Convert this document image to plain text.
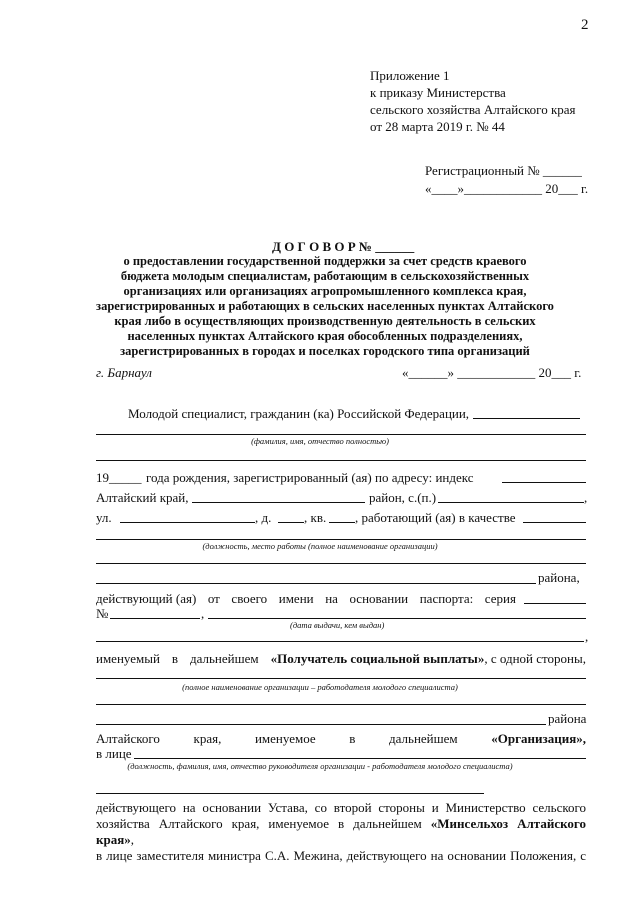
2
Приложение 1
к приказу Министерства
сельского хозяйства Алтайского края
от 28 марта 2019 г. № 44
Регистрационный № ______
«____»____________ 20___ г.
Д О Г О В О Р № ______
о предоставлении государственной поддержки за счет средств краевого
бюджета молодым специалистам, работающим в сельскохозяйственных
организациях или организациях агропромышленного комплекса края,
зарегистрированных и работающих в сельских населенных пунктах Алтайского
края либо в осуществляющих производственную деятельность в сельских
населенных пунктах Алтайского края обособленных подразделениях,
зарегистрированных в городах и поселках городского типа организаций
г. Барнаул	«______» ____________ 20___ г.
Молодой специалист, гражданин (ка) Российской Федерации,
(фамилия, имя, отчество полностью)
19_____ года рождения, зарегистрированный (ая) по адресу: индекс
Алтайский край,	район, с.(п.)	,
ул.	, д.	, кв. , работающий (ая) в качестве
(должность, место работы (полное наименование организации)
района,
действующий (ая) от своего имени на основании паспорта: серия
№	,
(дата выдачи, кем выдан)
,
именуемый в дальнейшем «Получатель социальной выплаты», с одной стороны,
(полное наименование организации – работодателя молодого специалиста)
района
Алтайского	края,	именуемое	в	дальнейшем	«Организация»,
в лице
(должность, фамилия, имя, отчество руководителя организации - работодателя молодого специалиста)
действующего на основании Устава, со второй стороны и Министерство сельского
хозяйства Алтайского края, именуемое в дальнейшем «Минсельхоз Алтайского края»,
в лице заместителя министра С.А. Межина, действующего на основании Положения, с
